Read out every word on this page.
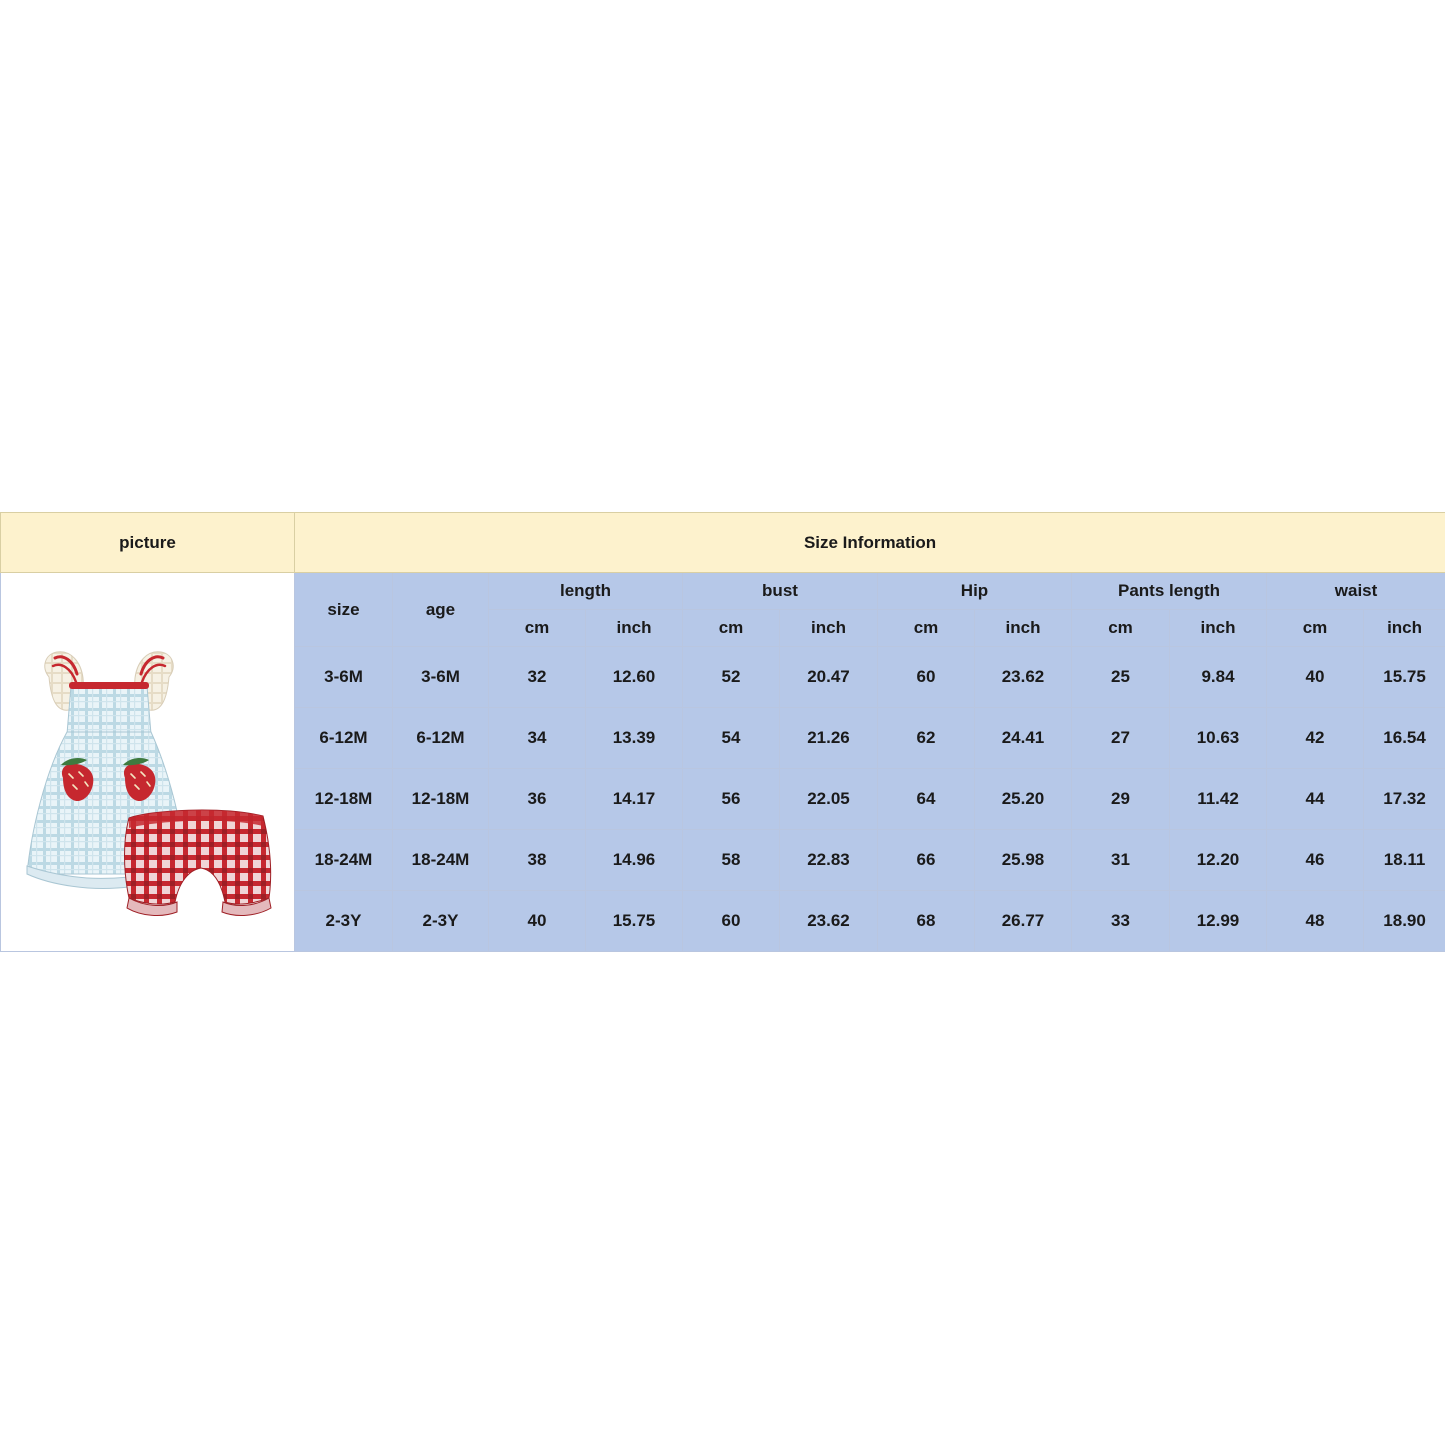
picture	Size Information											

	size	age	length		bust		Hip		Pants length		waist	
			cm	inch	cm	inch	cm	inch	cm	inch	cm	inch
	3-6M	3-6M	32	12.60	52	20.47	60	23.62	25	9.84	40	15.75
	6-12M	6-12M	34	13.39	54	21.26	62	24.41	27	10.63	42	16.54
	12-18M	12-18M	36	14.17	56	22.05	64	25.20	29	11.42	44	17.32
	18-24M	18-24M	38	14.96	58	22.83	66	25.98	31	12.20	46	18.11
	2-3Y	2-3Y	40	15.75	60	23.62	68	26.77	33	12.99	48	18.90
